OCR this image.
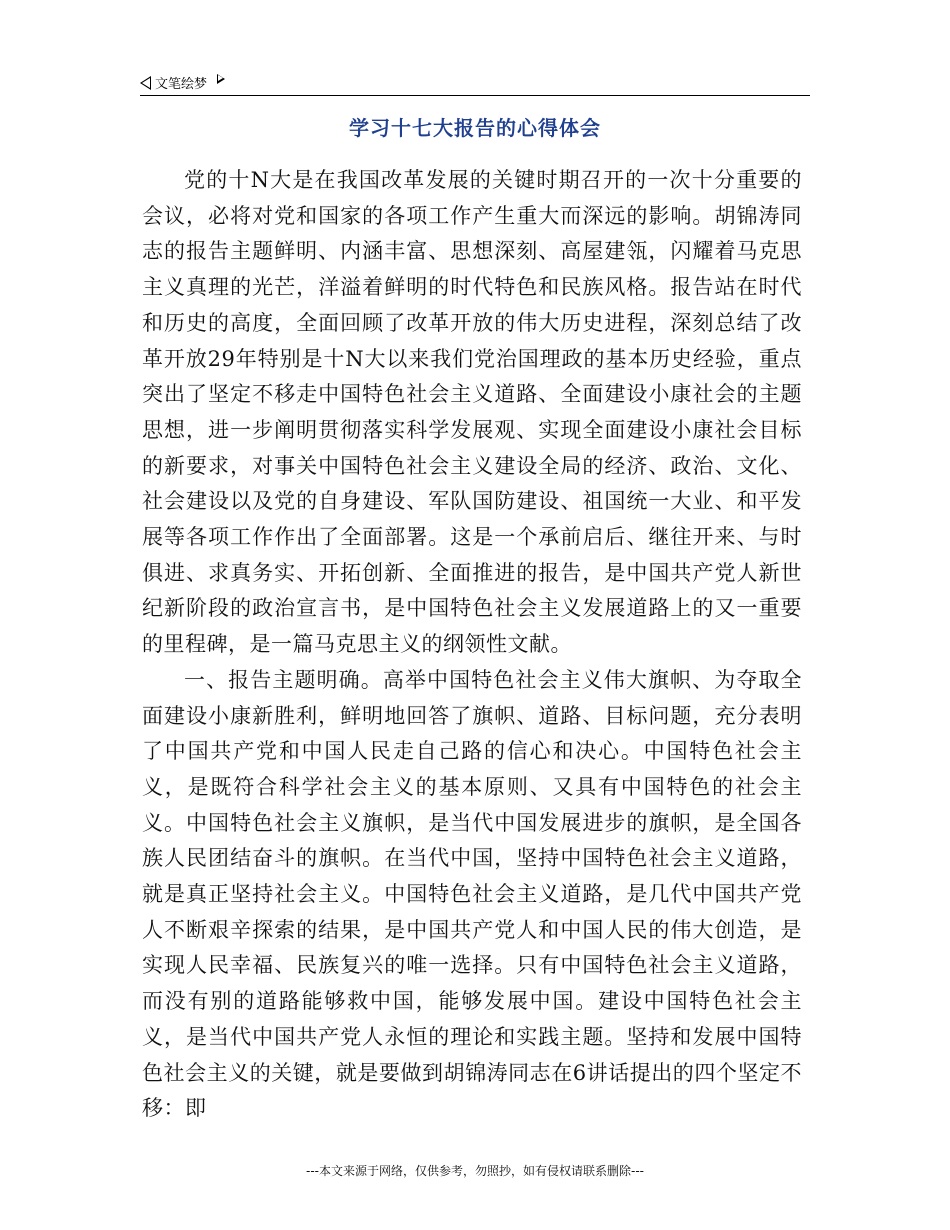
文笔绘梦
学习十七大报告的心得体会

党的十N大是在我国改革发展的关键时期召开的一次十分重要的会议，必将对党和国家的各项工作产生重大而深远的影响。胡锦涛同志的报告主题鲜明、内涵丰富、思想深刻、高屋建瓴，闪耀着马克思主义真理的光芒，洋溢着鲜明的时代特色和民族风格。报告站在时代和历史的高度，全面回顾了改革开放的伟大历史进程，深刻总结了改革开放29年特别是十N大以来我们党治国理政的基本历史经验，重点突出了坚定不移走中国特色社会主义道路、全面建设小康社会的主题思想，进一步阐明贯彻落实科学发展观、实现全面建设小康社会目标的新要求，对事关中国特色社会主义建设全局的经济、政治、文化、社会建设以及党的自身建设、军队国防建设、祖国统一大业、和平发展等各项工作作出了全面部署。这是一个承前启后、继往开来、与时俱进、求真务实、开拓创新、全面推进的报告，是中国共产党人新世纪新阶段的政治宣言书，是中国特色社会主义发展道路上的又一重要的里程碑，是一篇马克思主义的纲领性文献。

一、报告主题明确。高举中国特色社会主义伟大旗帜、为夺取全面建设小康新胜利，鲜明地回答了旗帜、道路、目标问题，充分表明了中国共产党和中国人民走自己路的信心和决心。中国特色社会主义，是既符合科学社会主义的基本原则、又具有中国特色的社会主义。中国特色社会主义旗帜，是当代中国发展进步的旗帜，是全国各族人民团结奋斗的旗帜。在当代中国，坚持中国特色社会主义道路，就是真正坚持社会主义。中国特色社会主义道路，是几代中国共产党人不断艰辛探索的结果，是中国共产党人和中国人民的伟大创造，是实现人民幸福、民族复兴的唯一选择。只有中国特色社会主义道路，而没有别的道路能够救中国，能够发展中国。建设中国特色社会主义，是当代中国共产党人永恒的理论和实践主题。坚持和发展中国特色社会主义的关键，就是要做到胡锦涛同志在6讲话提出的四个坚定不移：即

---本文来源于网络，仅供参考，勿照抄，如有侵权请联系删除---
